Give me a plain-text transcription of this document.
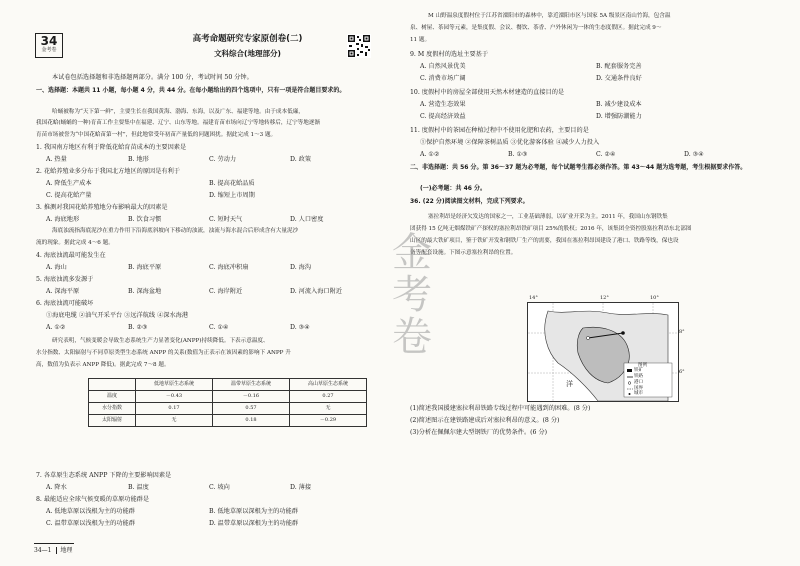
34
金考卷
高考命题研究专家原创卷(二)
文科综合(地理部分)
本试卷包括选择题和非选择题两部分。满分 100 分，考试时间 50 分钟。
一、选择题：本题共 11 小题，每小题 4 分，共 44 分。在每小题给出的四个选项中，只有一项是符合题目要求的。
哈蛹被称为“天下第一鲜”，主要生长在我国黄海、渤海、东海，以及广东、福建等地。由于成本低廉，
我国花蛤(蛹蛹的一种)育苗工作主要集中在福建、辽宁、山东等地。福建育苗市场向辽宁等地转移后，辽宁等地逐渐
育苗市场被誉为“中国花蛤苗第一村”，但此地常受年初苗产量低的问题困扰。据此完成 1～3 题。
1. 我国南方地区有利于降低花蛤育苗成本的主要因素是
A. 热量	B. 地形	C. 劳动力	D. 政策
2. 花蛤养殖业多分布于我国北方地区的原因是有利于
A. 降低生产成本	B. 提高花蛤品质
C. 提高花蛤产量	D. 缩短上市周期
3. 推测对我国花蛤养殖地分布影响最大的因素是
A. 海底地形	B. 饮食习惯	C. 短时天气	D. 人口密度
海底浊流指海底泥沙在重力作用下沿海底斜坡向下移动的浊流，浊流与海水混合后形成含有大量泥沙
流的现象。据此完成 4～6 题。
4. 海底浊流最可能发生在
A. 海山	B. 海底平原	C. 海底冲积扇	D. 海沟
5. 海底浊流多发源于
A. 深海平原	B. 深海盆地	C. 海岸附近	D. 河流入海口附近
6. 海底浊流可能破坏
①海底电缆 ②油气开采平台 ③远洋航线 ④深水海港
A. ①②	B. ②③	C. ①④	D. ③④
研究表明，气候变暖会导致生态系统生产力显著变化(ANPP)持续降低。下表示意温度、
水分指数、太阳辐射与不同草原类型生态系统 ANPP 的关系(数值为正表示在该因素的影响下 ANPP 升
高，数值为负表示 ANPP 降低)。据此完成 7～8 题。
	低地草原生态系统	温带草原生态系统	高山草原生态系统
温度	－0.43	－0.16	0.27
水分指数	0.17	0.57	无
太阳辐射	无	0.18	－0.29
7. 各草原生态系统 ANPP 下降的主要影响因素是
A. 降水	B. 温度	C. 坡向	D. 薄接
8. 最能适应全球气候变暖的草原功能群是
A. 低地草原以浅根为主的功能群	B. 低地草原以深根为主的功能群
C. 温带草原以浅根为主的功能群	D. 温带草原以深根为主的功能群
34—1 地理
M 山野温泉度假村位于江苏省溧阳市的森林中，靠近溧阳市区与国家 5A 级景区南山竹海，包含温
泉、树屋、茶园等元素，是集度假、会议、餐饮、茶香、户外休闲为一体的生态度假区。据此完成 9～
11 题。
9. M 度假村的选址主要基于
A. 自然风景优美	B. 配套服务完善
C. 消费市场广阔	D. 交通条件良好
10. 度假村中的房屋全部使用天然木材建造的直接目的是
A. 营造生态效果	B. 减少建设成本
C. 提高经济效益	D. 增强防潮能力
11. 度假村中的茶园在种植过程中不使用化肥和农药，主要目的是
①保护自然环境 ②保障茶树品质 ③优化游客体验 ④减少人力投入
A. ①②	B. ①③	C. ②④	D. ③④
二、非选择题：共 56 分。第 36～37 题为必考题，每个试题考生都必须作答。第 43～44 题为选考题，考生根据要求作答。
(一)必考题：共 46 分。
36. (22 分)阅读图文材料，完成下列要求。
塞拉利昂是经济欠发达的国家之一，工业基础薄弱，以矿业开采为主。2011 年，我国山东钢铁集
团获得 15 亿吨无烟煤铁矿产探权的塞拉利昂铁矿项目 25%的股权；2016 年，该集团全资控股塞拉利昂东北部图
山区的最大铁矿项目，鉴于铁矿开发和钢铁厂生产的需要，我国在塞拉利昂国建设了港口、铁路等线，保也设
备等配套设施。下图示意塞拉利昂的位置。
14°	12°	10°
8°
6°
洋
图例
铁矿
铁路
港口
国界
城市
(1)简述我国援建塞拉利昂铁路专线过程中可能遇到的困难。(8 分)
(2)简述图示在建铁路建成后对塞拉利昂的意义。(8 分)
(3)分析在佩佩尔建大型钢铁厂的优势条件。(6 分)
金考卷
